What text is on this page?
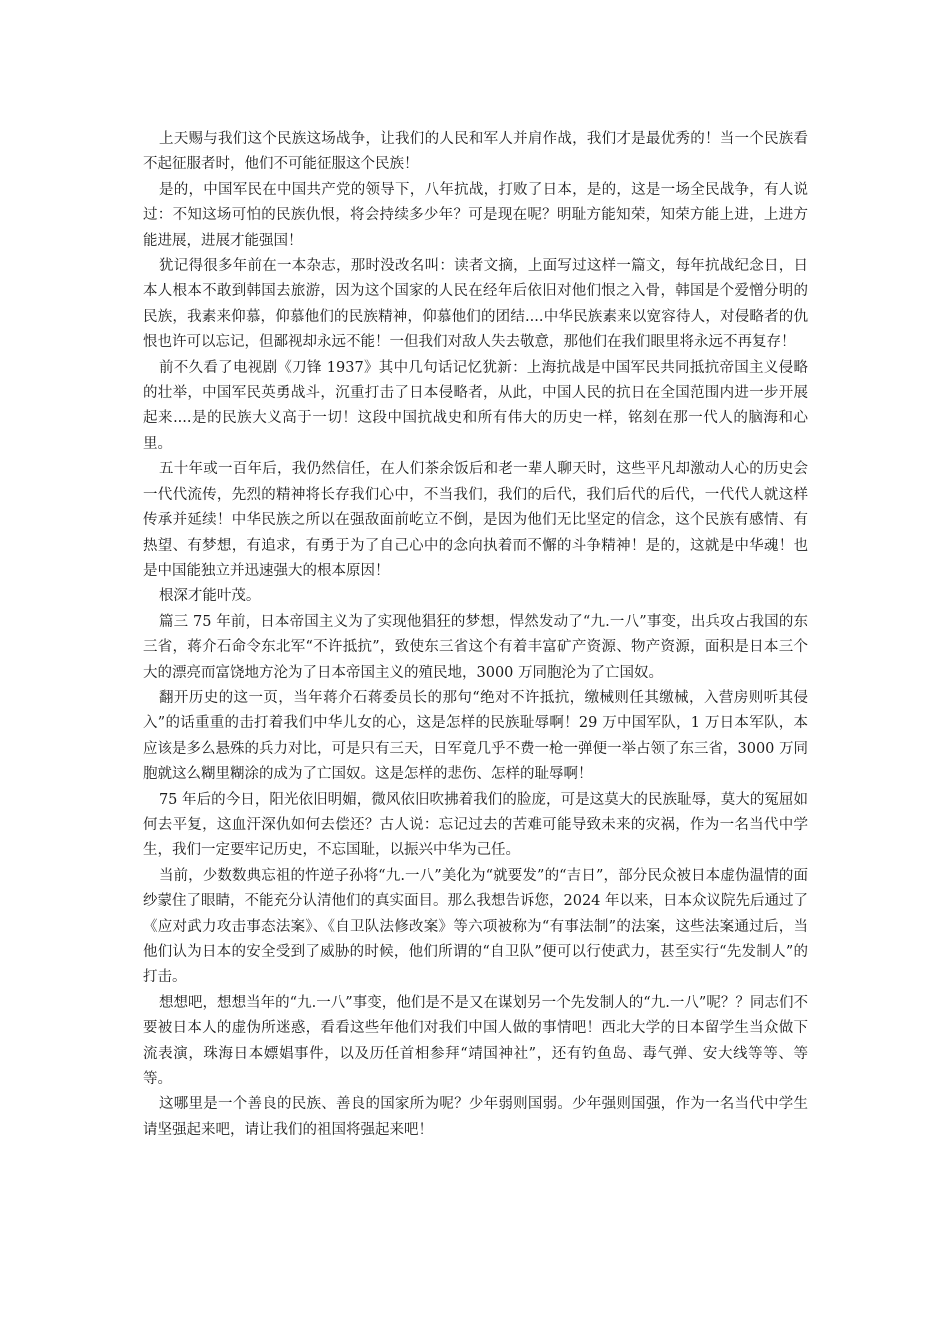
上天赐与我们这个民族这场战争，让我们的人民和军人并肩作战，我们才是最优秀的！当一个民族看不起征服者时，他们不可能征服这个民族！

是的，中国军民在中国共产党的领导下，八年抗战，打败了日本，是的，这是一场全民战争，有人说过：不知这场可怕的民族仇恨，将会持续多少年？可是现在呢？明耻方能知荣，知荣方能上进，上进方能进展，进展才能强国！

犹记得很多年前在一本杂志，那时没改名叫：读者文摘，上面写过这样一篇文，每年抗战纪念日，日本人根本不敢到韩国去旅游，因为这个国家的人民在经年后依旧对他们恨之入骨，韩国是个爱憎分明的民族，我素来仰慕，仰慕他们的民族精神，仰慕他们的团结....中华民族素来以宽容待人，对侵略者的仇恨也许可以忘记，但鄙视却永远不能！一但我们对敌人失去敬意，那他们在我们眼里将永远不再复存！

前不久看了电视剧《刀锋 1937》其中几句话记忆犹新：上海抗战是中国军民共同抵抗帝国主义侵略的壮举，中国军民英勇战斗，沉重打击了日本侵略者，从此，中国人民的抗日在全国范围内进一步开展起来....是的民族大义高于一切！这段中国抗战史和所有伟大的历史一样，铭刻在那一代人的脑海和心里。

五十年或一百年后，我仍然信任，在人们茶余饭后和老一辈人聊天时，这些平凡却激动人心的历史会一代代流传，先烈的精神将长存我们心中，不当我们，我们的后代，我们后代的后代，一代代人就这样传承并延续！中华民族之所以在强敌面前屹立不倒，是因为他们无比坚定的信念，这个民族有感情、有热望、有梦想，有追求，有勇于为了自己心中的念向执着而不懈的斗争精神！是的，这就是中华魂！也是中国能独立并迅速强大的根本原因！

根深才能叶茂。

篇三 75 年前，日本帝国主义为了实现他猖狂的梦想，悍然发动了“九.一八”事变，出兵攻占我国的东三省，蒋介石命令东北军“不许抵抗”，致使东三省这个有着丰富矿产资源、物产资源，面积是日本三个大的漂亮而富饶地方沦为了日本帝国主义的殖民地，3000 万同胞沦为了亡国奴。

翻开历史的这一页，当年蒋介石蒋委员长的那句“绝对不许抵抗，缴械则任其缴械，入营房则听其侵入”的话重重的击打着我们中华儿女的心，这是怎样的民族耻辱啊！29 万中国军队，1 万日本军队，本应该是多么悬殊的兵力对比，可是只有三天，日军竟几乎不费一枪一弹便一举占领了东三省，3000 万同胞就这么糊里糊涂的成为了亡国奴。这是怎样的悲伤、怎样的耻辱啊！

75 年后的今日，阳光依旧明媚，微风依旧吹拂着我们的脸庞，可是这莫大的民族耻辱，莫大的冤屈如何去平复，这血汗深仇如何去偿还？古人说：忘记过去的苦难可能导致未来的灾祸，作为一名当代中学生，我们一定要牢记历史，不忘国耻，以振兴中华为己任。

当前，少数数典忘祖的忤逆子孙将“九.一八”美化为“就要发”的“吉日”，部分民众被日本虚伪温情的面纱蒙住了眼睛，不能充分认清他们的真实面目。那么我想告诉您，2024 年以来，日本众议院先后通过了《应对武力攻击事态法案》、《自卫队法修改案》等六项被称为“有事法制”的法案，这些法案通过后，当他们认为日本的安全受到了威胁的时候，他们所谓的“自卫队”便可以行使武力，甚至实行“先发制人”的打击。

想想吧，想想当年的“九.一八”事变，他们是不是又在谋划另一个先发制人的“九.一八”呢？？同志们不要被日本人的虚伪所迷惑，看看这些年他们对我们中国人做的事情吧！西北大学的日本留学生当众做下流表演，珠海日本嫖娼事件，以及历任首相参拜“靖国神社”，还有钓鱼岛、毒气弹、安大线等等、等等。

这哪里是一个善良的民族、善良的国家所为呢？少年弱则国弱。少年强则国强，作为一名当代中学生请坚强起来吧，请让我们的祖国将强起来吧！
